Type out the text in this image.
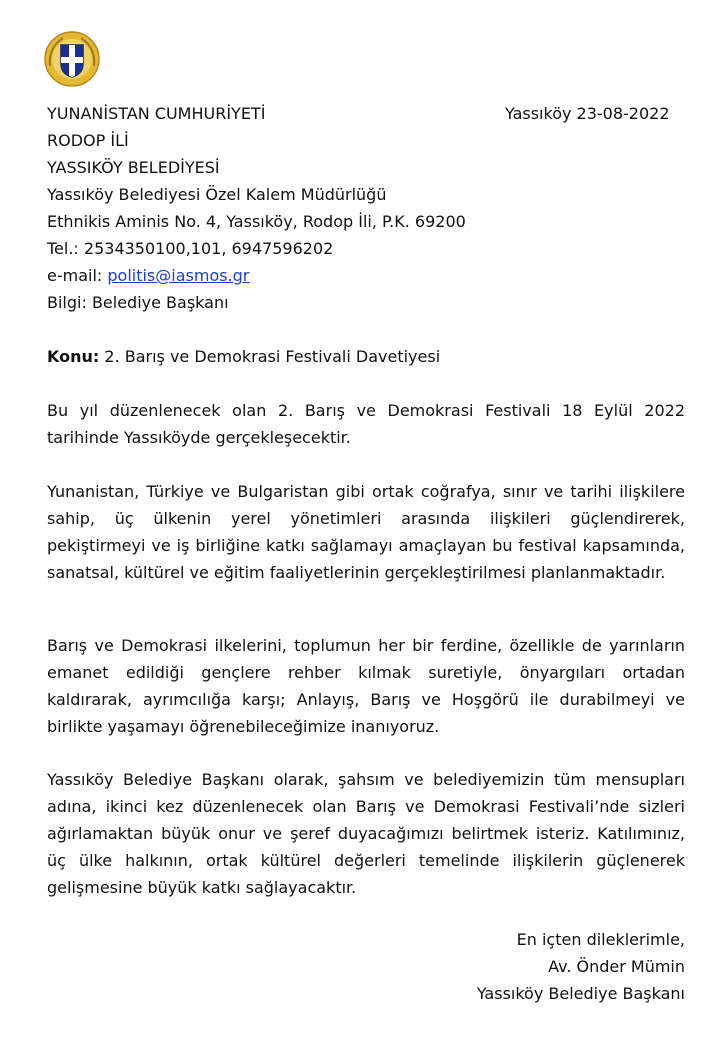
YUNANİSTAN CUMHURİYETİ
RODOP İLİ
YASSIKÖY BELEDİYESİ
Yassıköy Belediyesi Özel Kalem Müdürlüğü
Ethnikis Aminis No. 4, Yassıköy, Rodop İli, P.K. 69200
Tel.: 2534350100,101, 6947596202
e-mail: politis@iasmos.gr
Bilgi: Belediye Başkanı
Yassıköy 23-08-2022
Konu: 2. Barış ve Demokrasi Festivali Davetiyesi

Bu yıl düzenlenecek olan 2. Barış ve Demokrasi Festivali 18 Eylül 2022 tarihinde Yassıköyde gerçekleşecektir.

Yunanistan, Türkiye ve Bulgaristan gibi ortak coğrafya, sınır ve tarihi ilişkilere sahip, üç ülkenin yerel yönetimleri arasında ilişkileri güçlendirerek, pekiştirmeyi ve iş birliğine katkı sağlamayı amaçlayan bu festival kapsamında, sanatsal, kültürel ve eğitim faaliyetlerinin gerçekleştirilmesi planlanmaktadır.

Barış ve Demokrasi ilkelerini, toplumun her bir ferdine, özellikle de yarınların emanet edildiği gençlere rehber kılmak suretiyle, önyargıları ortadan kaldırarak, ayrımcılığa karşı; Anlayış, Barış ve Hoşgörü ile durabilmeyi ve birlikte yaşamayı öğrenebileceğimize inanıyoruz.

Yassıköy Belediye Başkanı olarak, şahsım ve belediyemizin tüm mensupları adına, ikinci kez düzenlenecek olan Barış ve Demokrasi Festivali’nde sizleri ağırlamaktan büyük onur ve şeref duyacağımızı belirtmek isteriz. Katılımınız, üç ülke halkının, ortak kültürel değerleri temelinde ilişkilerin güçlenerek gelişmesine büyük katkı sağlayacaktır.

En içten dileklerimle,
Av. Önder Mümin
Yassıköy Belediye Başkanı
